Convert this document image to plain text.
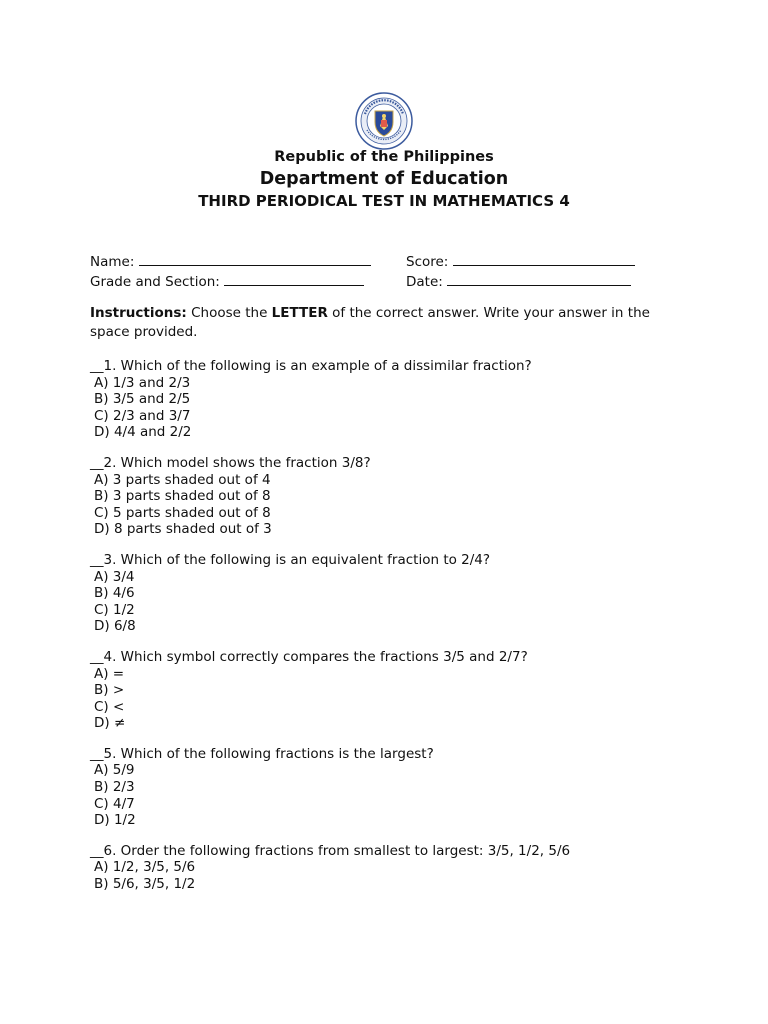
Republic of the Philippines
Department of Education
THIRD PERIODICAL TEST IN MATHEMATICS 4
Name:	Score:
Grade and Section:	Date:
Instructions: Choose the LETTER of the correct answer. Write your answer in the space provided.
__1. Which of the following is an example of a dissimilar fraction?
A) 1/3 and 2/3
B) 3/5 and 2/5
C) 2/3 and 3/7
D) 4/4 and 2/2
__2. Which model shows the fraction 3/8?
A) 3 parts shaded out of 4
B) 3 parts shaded out of 8
C) 5 parts shaded out of 8
D) 8 parts shaded out of 3
__3. Which of the following is an equivalent fraction to 2/4?
A) 3/4
B) 4/6
C) 1/2
D) 6/8
__4. Which symbol correctly compares the fractions 3/5 and 2/7?
A) =
B) >
C) <
D) ≠
__5. Which of the following fractions is the largest?
A) 5/9
B) 2/3
C) 4/7
D) 1/2
__6. Order the following fractions from smallest to largest: 3/5, 1/2, 5/6
A) 1/2, 3/5, 5/6
B) 5/6, 3/5, 1/2
